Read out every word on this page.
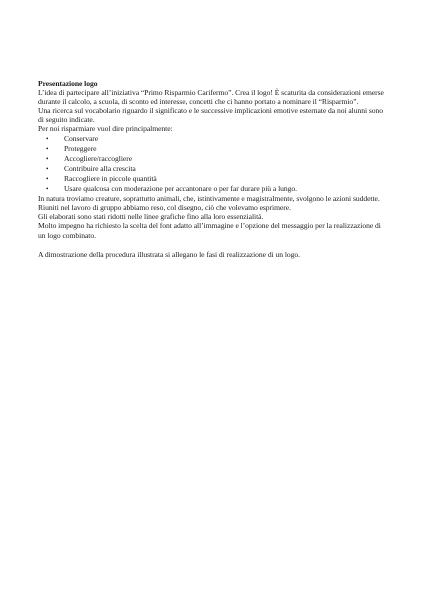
Presentazione logo

L’idea di partecipare all’iniziativa “Primo Risparmio Carifermo”. Crea il logo! È scaturita da considerazioni emerse durante il calcolo, a scuola, di sconto ed interesse, concetti che ci hanno portato a nominare il “Risparmio”.

Una ricerca sul vocabolario riguardo il significato e le successive implicazioni emotive esternate da noi alunni sono di seguito indicate.

Per noi risparmiare vuol dire principalmente:

•	Conservare
•	Proteggere
•	Accogliere/raccogliere
•	Contribuire alla crescita
•	Raccogliere in piccole quantità
•	Usare qualcosa con moderazione per accantonare o per far durare più a lungo.

In natura troviamo creature, soprattutto animali, che, istintivamente e magistralmente, svolgono le azioni suddette.

Riuniti nel lavoro di gruppo abbiamo reso, col disegno, ciò che volevamo esprimere.

Gli elaborati sono stati ridotti nelle linee grafiche fino alla loro essenzialità.

Molto impegno ha richiesto la scelta del font adatto all’immagine e l’opzione del messaggio per la realizzazione di un logo combinato.

A dimostrazione della procedura illustrata si allegano le fasi di realizzazione di un logo.
